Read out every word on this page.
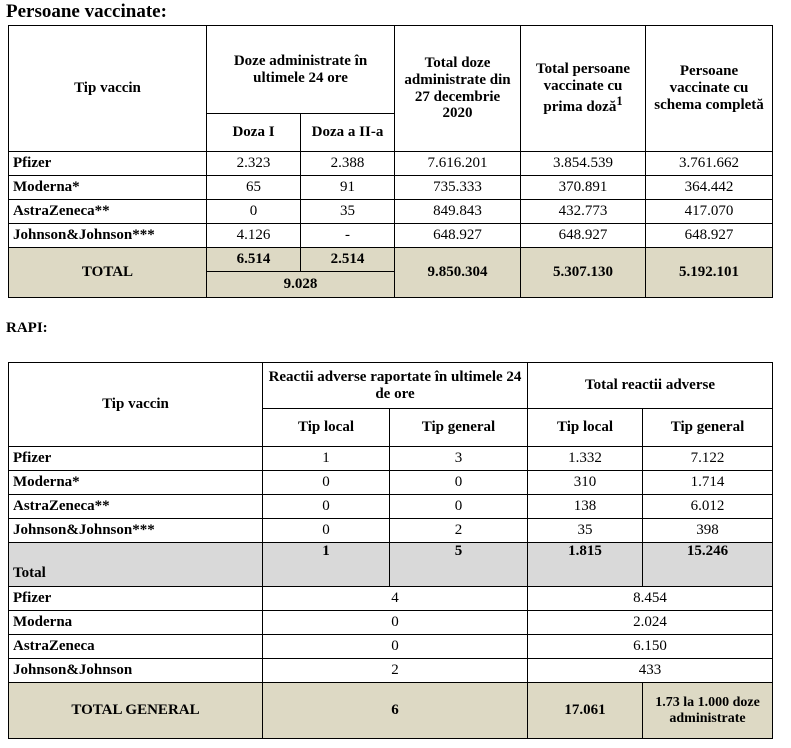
Persoane vaccinate:
Tip vaccin	Doze administrate în ultimele 24 ore		Total doze administrate din 27 decembrie 2020	Total persoane vaccinate cu prima doză$^1$	Persoane vaccinate cu schema completă
	Doza I	Doza a II-a			
Pfizer	2.323	2.388	7.616.201	3.854.539	3.761.662
Moderna*	65	91	735.333	370.891	364.442
AstraZeneca**	0	35	849.843	432.773	417.070
Johnson&Johnson***	4.126	-	648.927	648.927	648.927
TOTAL	6.514	2.514	9.850.304	5.307.130	5.192.101
	9.028				
RAPI:
Tip vaccin	Reactii adverse raportate în ultimele 24 de ore		Total reactii adverse	
	Tip local	Tip general	Tip local	Tip general
Pfizer	1	3	1.332	7.122
Moderna*	0	0	310	1.714
AstraZeneca**	0	0	138	6.012
Johnson&Johnson***	0	2	35	398
Total	1	5	1.815	15.246
Pfizer	4		8.454	
Moderna	0		2.024	
AstraZeneca	0		6.150	
Johnson&Johnson	2		433	
TOTAL GENERAL	6		17.061	1.73 la 1.000 doze administrate
